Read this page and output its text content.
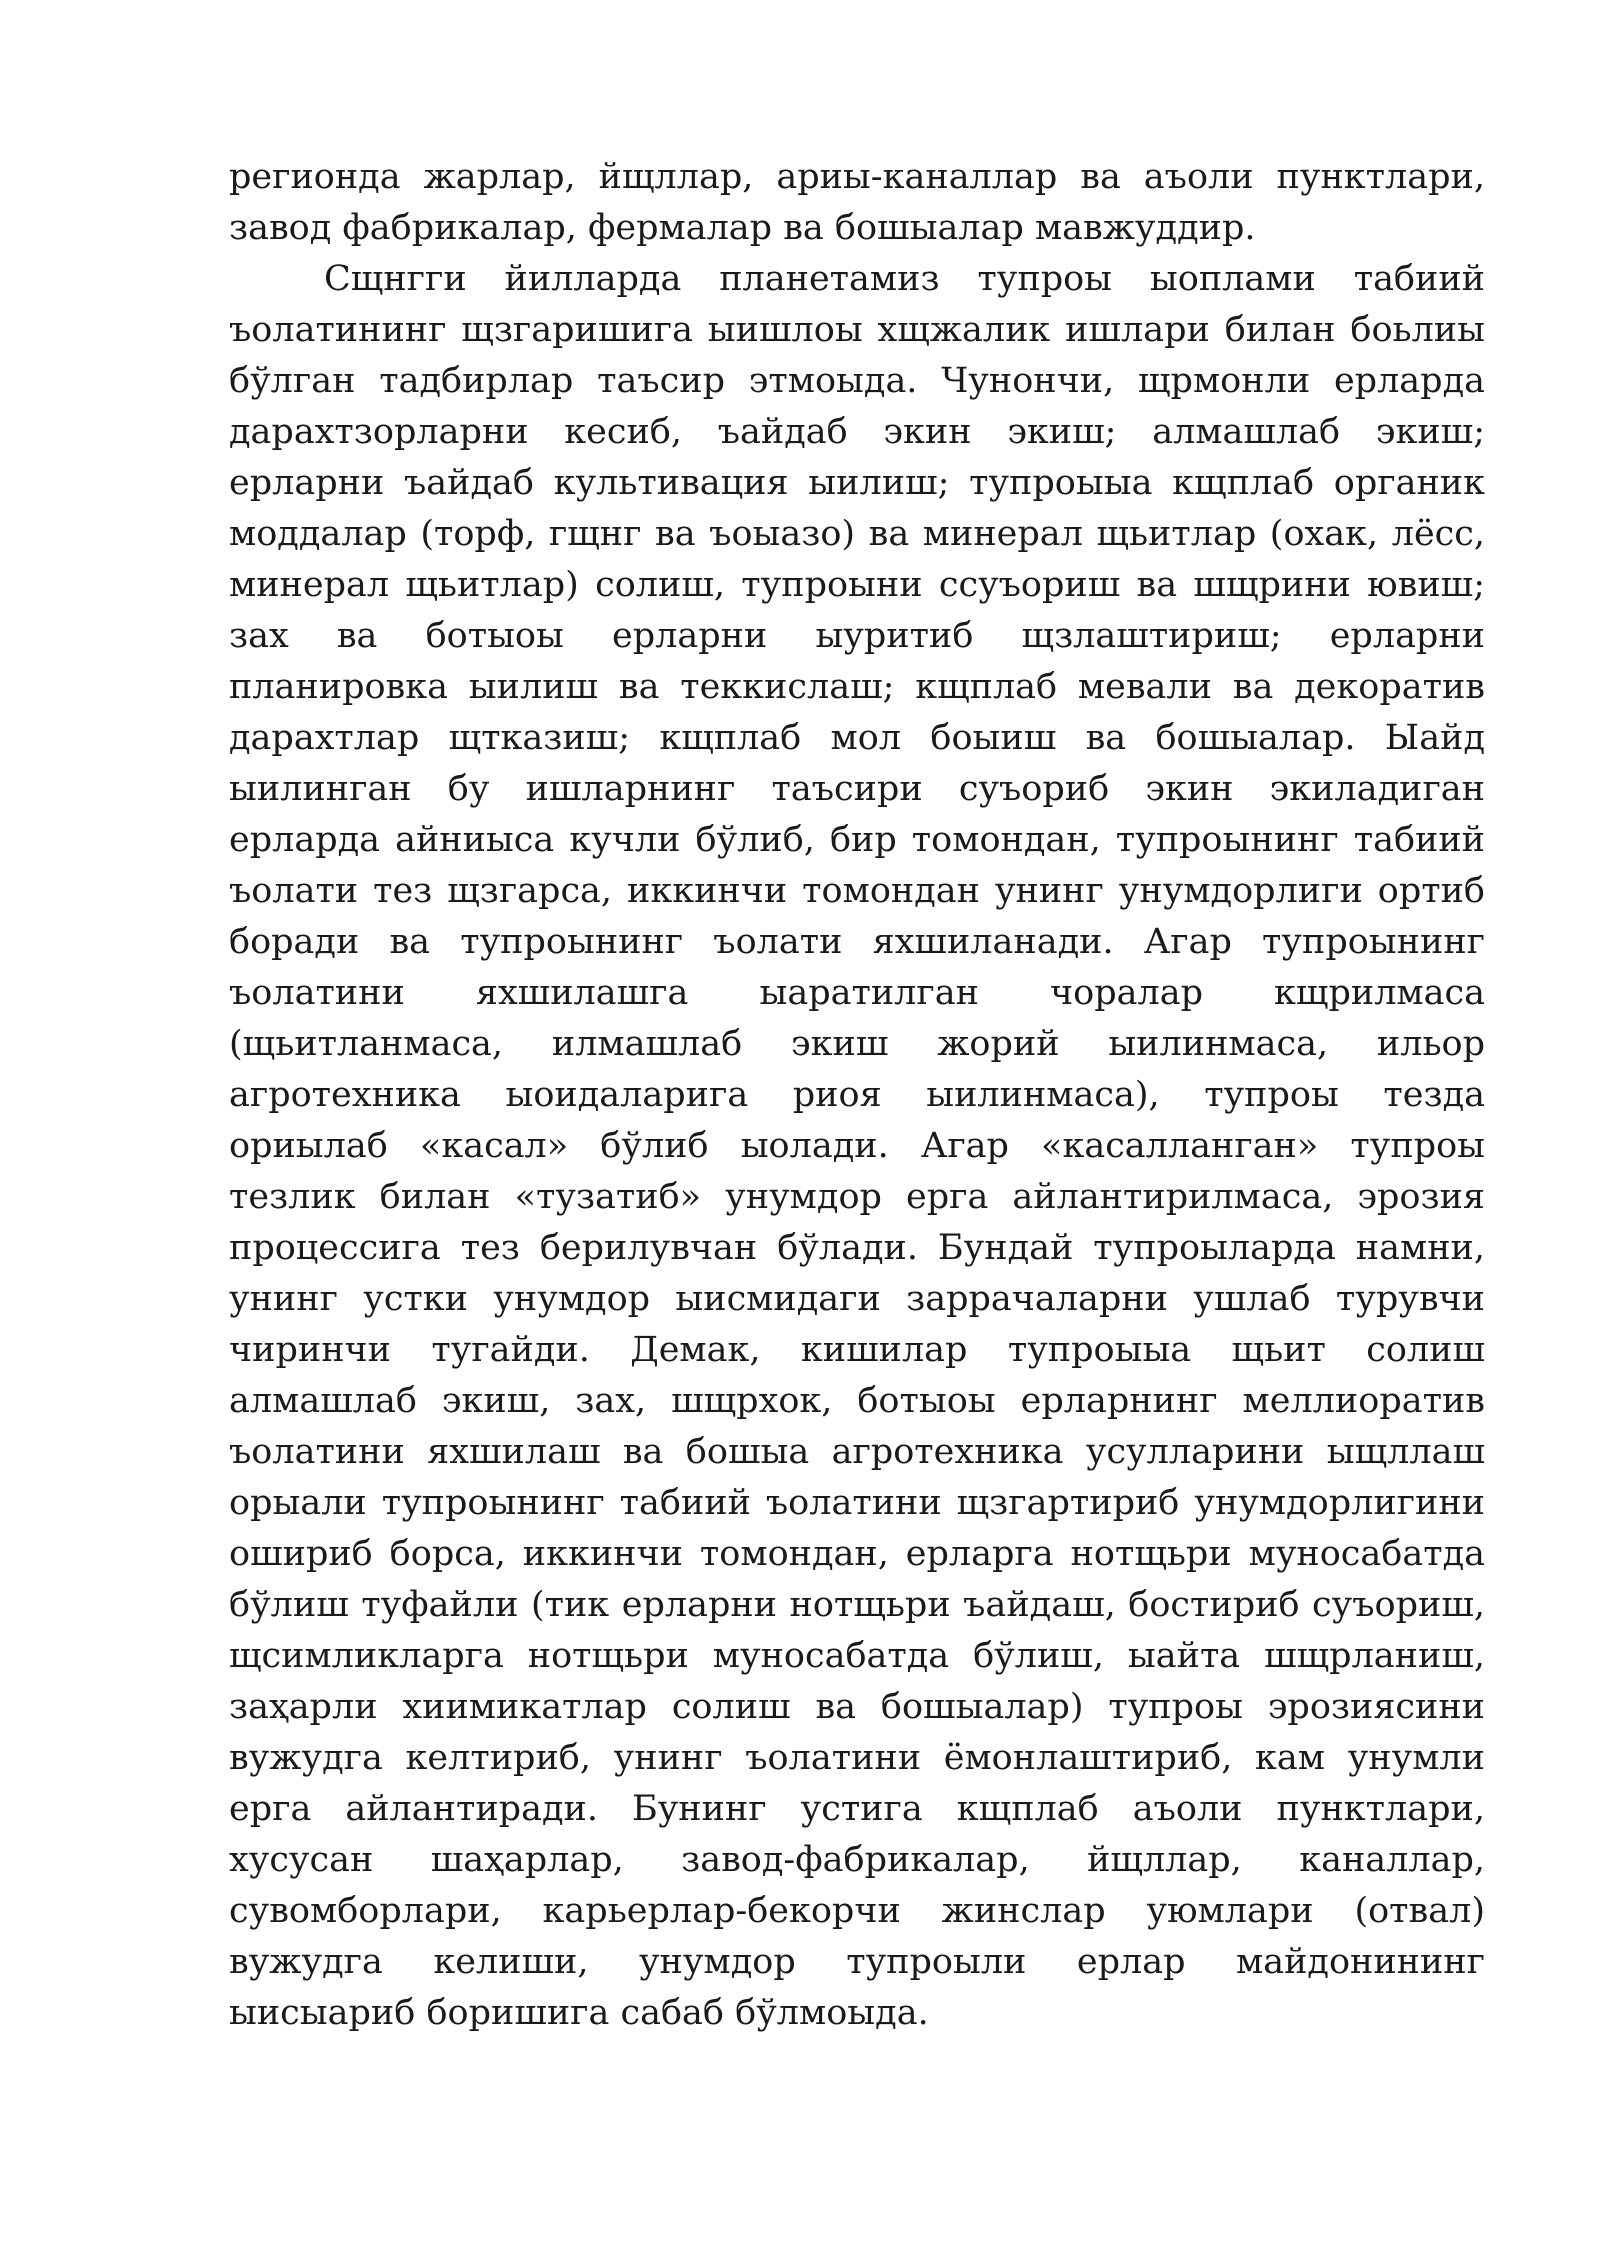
регионда жарлар, йщллар, ариы-каналлар ва аъоли пунктлари, завод фабрикалар, фермалар ва бошыалар мавжуддир.

Сщнгги йилларда планетамиз тупроы ыоплами табиий ъолатининг щзгаришига ыишлоы хщжалик ишлари билан боьлиы бўлган тадбирлар таъсир этмоыда. Чунончи, щрмонли ерларда дарахтзорларни кесиб, ъайдаб экин экиш; алмашлаб экиш; ерларни ъайдаб культивация ыилиш; тупроыыа кщплаб органик моддалар (торф, гщнг ва ъоыазо) ва минерал щьитлар (охак, лёсс, минерал щьитлар) солиш, тупроыни ссуъориш ва шщрини ювиш; зах ва ботыоы ерларни ыуритиб щзлаштириш; ерларни планировка ыилиш ва теккислаш; кщплаб мевали ва декоратив дарахтлар щтказиш; кщплаб мол боыиш ва бошыалар. Ыайд ыилинган бу ишларнинг таъсири суъориб экин экиладиган ерларда айниыса кучли бўлиб, бир томондан, тупроынинг табиий ъолати тез щзгарса, иккинчи томондан унинг унумдорлиги ортиб боради ва тупроынинг ъолати яхшиланади. Агар тупроынинг ъолатини яхшилашга ыаратилган чоралар кщрилмаса (щьитланмаса, илмашлаб экиш жорий ыилинмаса, ильор агротехника ыоидаларига риоя ыилинмаса), тупроы тезда ориылаб «касал» бўлиб ыолади. Агар «касалланган» тупроы тезлик билан «тузатиб» унумдор ерга айлантирилмаса, эрозия процессига тез берилувчан бўлади. Бундай тупроыларда намни, унинг устки унумдор ыисмидаги заррачаларни ушлаб турувчи чиринчи тугайди. Демак, кишилар тупроыыа щьит солиш алмашлаб экиш, зах, шщрхок, ботыоы ерларнинг меллиоратив ъолатини яхшилаш ва бошыа агротехника усулларини ыщллаш орыали тупроынинг табиий ъолатини щзгартириб унумдорлигини ошириб борса, иккинчи томондан, ерларга нотщьри муносабатда бўлиш туфайли (тик ерларни нотщьри ъайдаш, бостириб суъориш, щсимликларга нотщьри муносабатда бўлиш, ыайта шщрланиш, заҳарли хиимикатлар солиш ва бошыалар) тупроы эрозиясини вужудга келтириб, унинг ъолатини ёмонлаштириб, кам унумли ерга айлантиради. Бунинг устига кщплаб аъоли пунктлари, хусусан шаҳарлар, завод-фабрикалар, йщллар, каналлар, сувомборлари, карьерлар-бекорчи жинслар уюмлари (отвал) вужудга келиши, унумдор тупроыли ерлар майдонининг ыисыариб боришига сабаб бўлмоыда.
